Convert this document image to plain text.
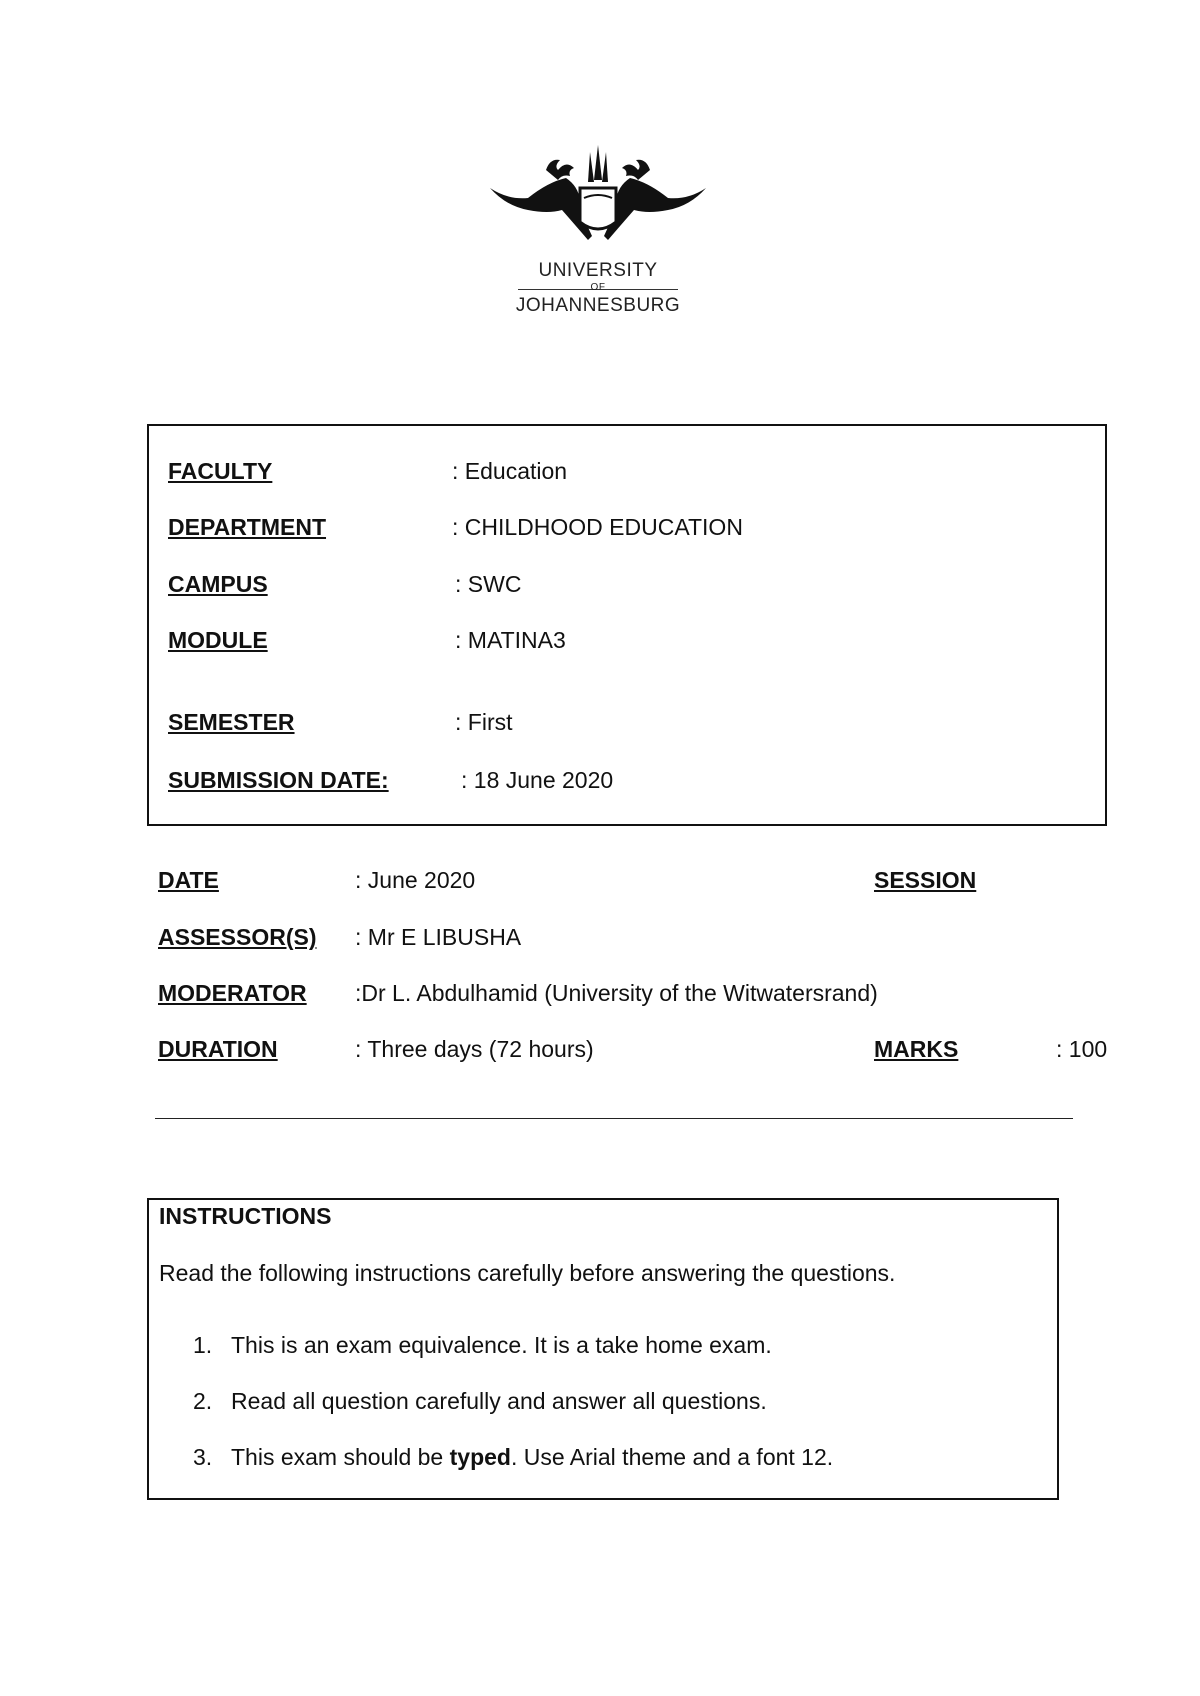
UNIVERSITY
OF
JOHANNESBURG
FACULTY	: Education
DEPARTMENT	: CHILDHOOD EDUCATION
CAMPUS	: SWC
MODULE	: MATINA3
SEMESTER	: First
SUBMISSION DATE:	: 18 June 2020
DATE	: June 2020	SESSION
ASSESSOR(S) : Mr E LIBUSHA
MODERATOR :Dr L. Abdulhamid (University of the Witwatersrand)
DURATION	: Three days (72 hours)	MARKS	: 100
INSTRUCTIONS
Read the following instructions carefully before answering the questions.
1. This is an exam equivalence. It is a take home exam.
2. Read all question carefully and answer all questions.
3. This exam should be typed. Use Arial theme and a font 12.
